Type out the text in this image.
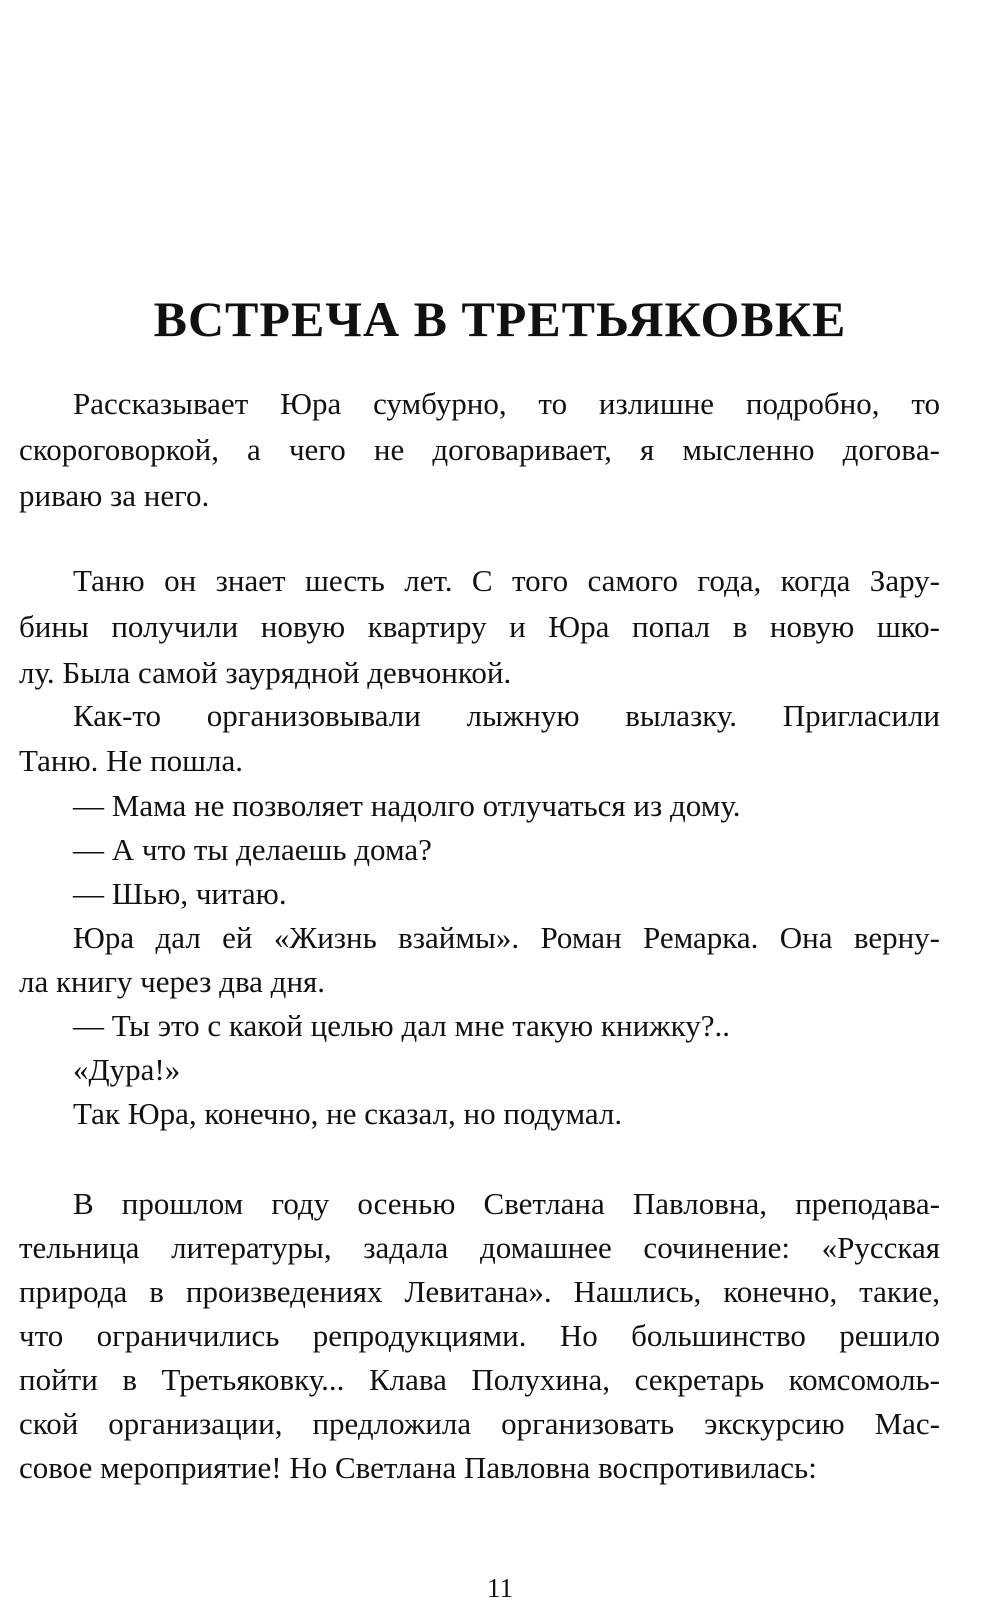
ВСТРЕЧА В ТРЕТЬЯКОВКЕ
Рассказывает Юра сумбурно, то излишне подробно, то
скороговоркой, а чего не договаривает, я мысленно договa-
риваю за него.
Таню он знает шесть лет. С того самого года, когда Зару-
бины получили новую квартиру и Юра попал в новую шко-
лу. Была самой заурядной девчонкой.
Как-то организовывали лыжную вылазку. Пригласили
Таню. Не пошла.
— Мама не позволяет надолго отлучаться из дому.
— А что ты делаешь дома?
— Шью, читаю.
Юра дал ей «Жизнь взаймы». Роман Ремарка. Она верну-
ла книгу через два дня.
— Ты это с какой целью дал мне такую книжку?..
«Дура!»
Так Юра, конечно, не сказал, но подумал.
В прошлом году осенью Светлана Павловна, преподава-
тельница литературы, задала домашнее сочинение: «Русская
природа в произведениях Левитана». Нашлись, конечно, такие,
что ограничились репродукциями. Но большинство решило
пойти в Третьяковку... Клава Полухина, секретарь комсомоль-
ской организации, предложила организовать экскурсию Мас-
совое мероприятие! Но Светлана Павловна воспротивилась:
11
